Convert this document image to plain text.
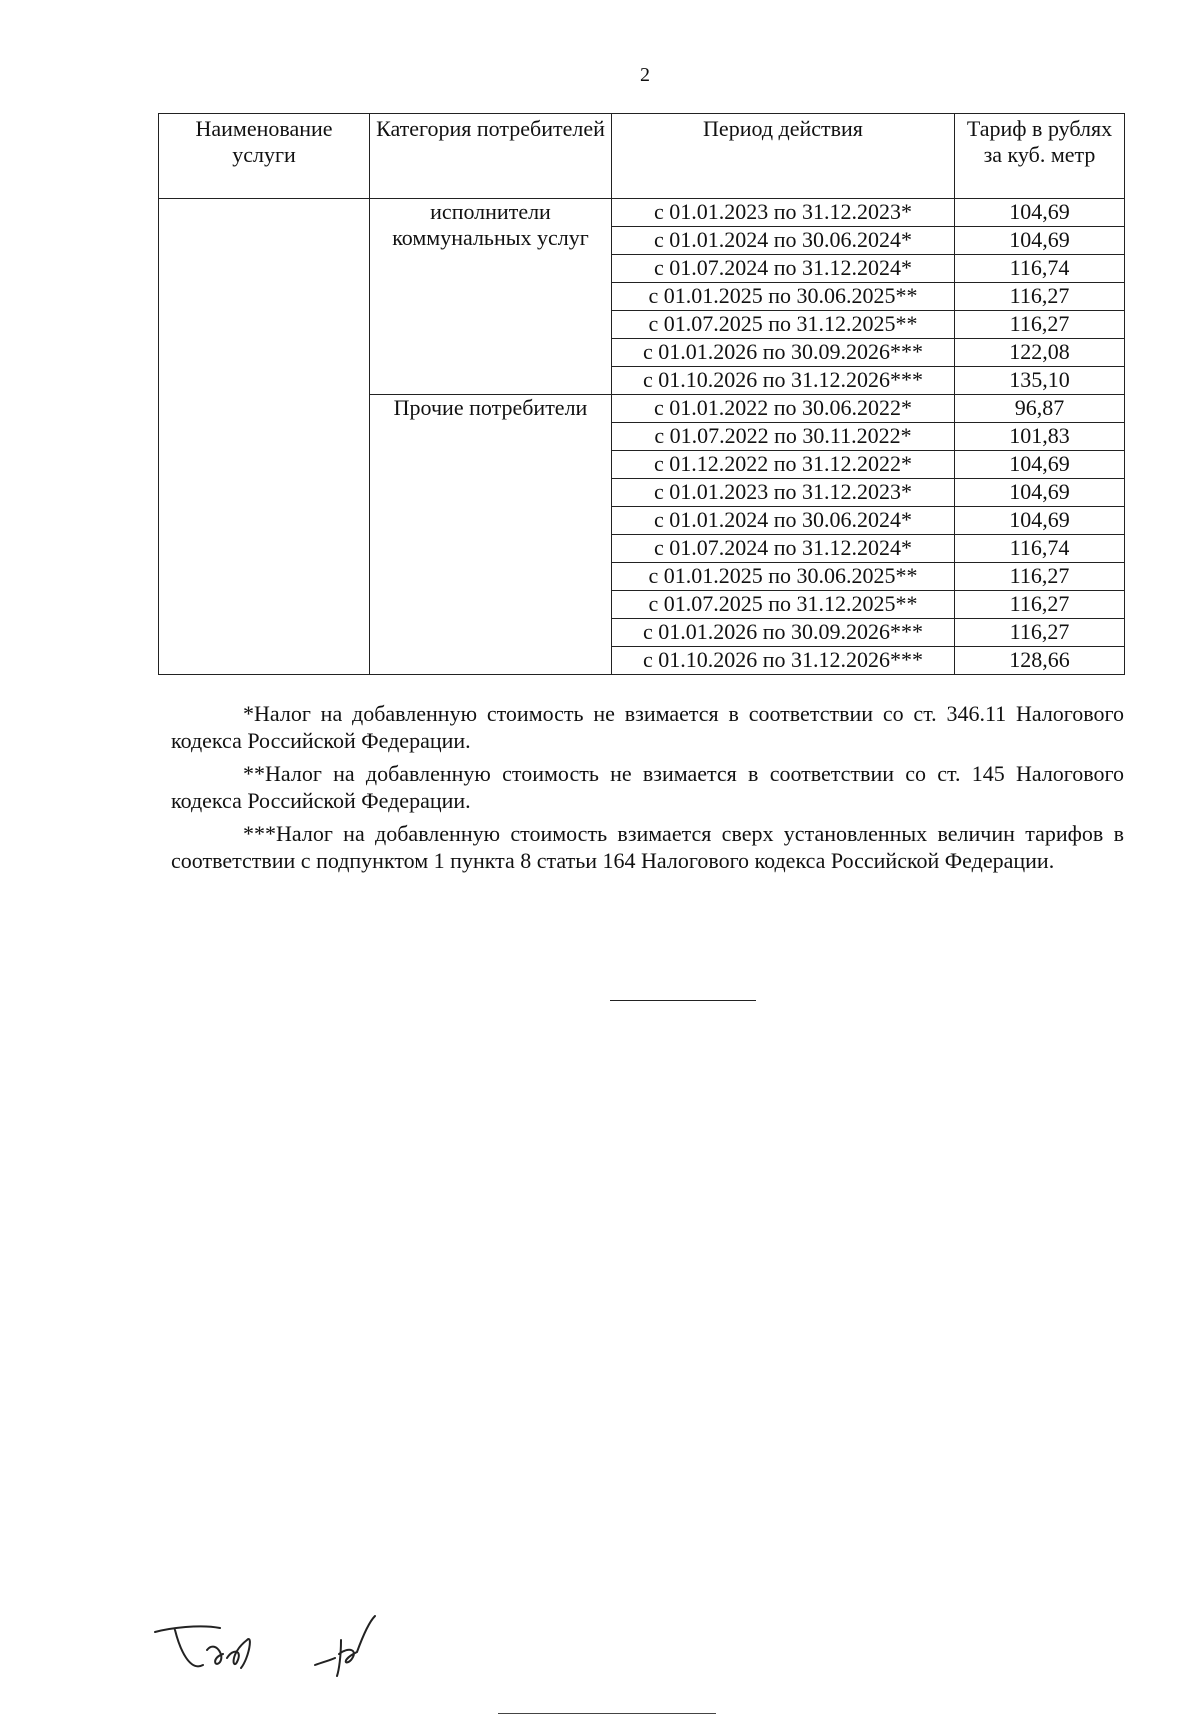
2
Наименование услуги	Категория потребителей	Период действия	Тариф в рублях за куб. метр
	исполнители коммунальных услуг	с 01.01.2023 по 31.12.2023*	104,69
		с 01.01.2024 по 30.06.2024*	104,69
		с 01.07.2024 по 31.12.2024*	116,74
		с 01.01.2025 по 30.06.2025**	116,27
		с 01.07.2025 по 31.12.2025**	116,27
		с 01.01.2026 по 30.09.2026***	122,08
		с 01.10.2026 по 31.12.2026***	135,10
	Прочие потребители	с 01.01.2022 по 30.06.2022*	96,87
		с 01.07.2022 по 30.11.2022*	101,83
		с 01.12.2022 по 31.12.2022*	104,69
		с 01.01.2023 по 31.12.2023*	104,69
		с 01.01.2024 по 30.06.2024*	104,69
		с 01.07.2024 по 31.12.2024*	116,74
		с 01.01.2025 по 30.06.2025**	116,27
		с 01.07.2025 по 31.12.2025**	116,27
		с 01.01.2026 по 30.09.2026***	116,27
		с 01.10.2026 по 31.12.2026***	128,66

*Налог на добавленную стоимость не взимается в соответствии со ст. 346.11 Налогового кодекса Российской Федерации.

**Налог на добавленную стоимость не взимается в соответствии со ст. 145 Налогового кодекса Российской Федерации.

***Налог на добавленную стоимость взимается сверх установленных величин тарифов в соответствии с подпунктом 1 пункта 8 статьи 164 Налогового кодекса Российской Федерации.
